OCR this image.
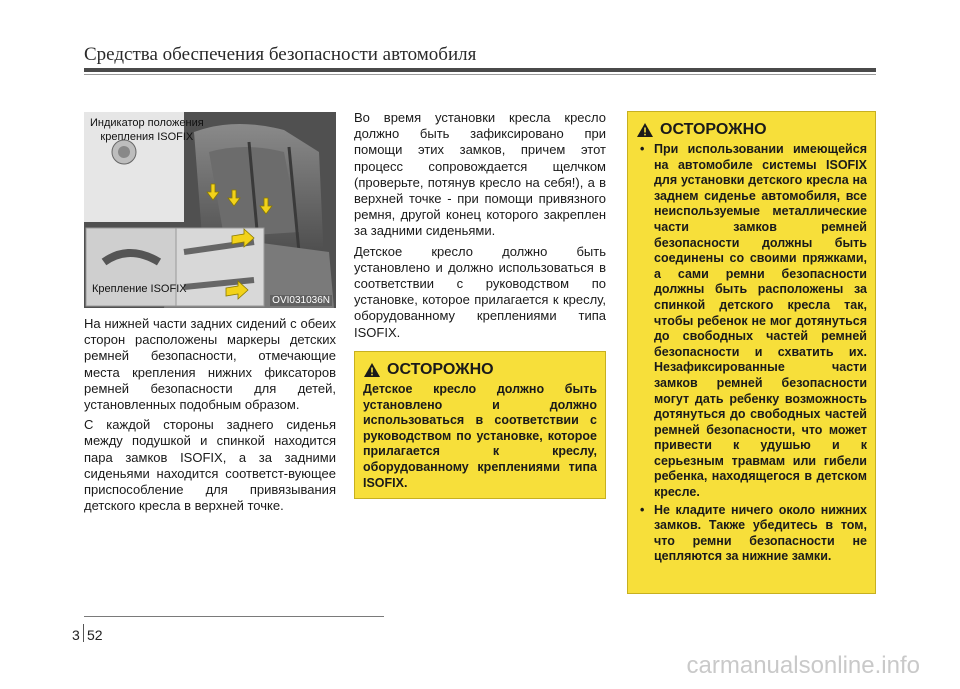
Средства обеспечения безопасности автомобиля
Индикатор положения
крепления ISOFIX
Крепление ISOFIX
OVI031036N

На нижней части задних сидений с обеих сторон расположены маркеры детских ремней безопасности, отмечающие места крепления нижних фиксаторов ремней безопасности для детей, установленных подобным образом.

С каждой стороны заднего сиденья между подушкой и спинкой находится пара замков ISOFIX, а за задними сиденьями находится соответст-вующее приспособление для привязывания детского кресла в верхней точке.

Во время установки кресла кресло должно быть зафиксировано при помощи этих замков, причем этот процесс сопровождается щелчком (проверьте, потянув кресло на себя!), а в верхней точке - при помощи привязного ремня, другой конец которого закреплен за задними сиденьями.

Детское кресло должно быть установлено и должно использоваться в соответствии с руководством по установке, которое прилагается к креслу, оборудованному креплениями типа ISOFIX.

ОСТОРОЖНО
Детское кресло должно быть установлено и должно использоваться в соответствии с руководством по установке, которое прилагается к креслу, оборудованному креплениями типа ISOFIX.
ОСТОРОЖНО
• При использовании имеющейся на автомобиле системы ISOFIX для установки детского кресла на заднем сиденье автомобиля, все неиспользуемые металлические части замков ремней безопасности должны быть соединены со своими пряжками, а сами ремни безопасности должны быть расположены за спинкой детского кресла так, чтобы ребенок не мог дотянуться до свободных частей ремней безопасности и схватить их. Незафиксированные части замков ремней безопасности могут дать ребенку возможность дотянуться до свободных частей ремней безопасности, что может привести к удушью и к серьезным травмам или гибели ребенка, находящегося в детском кресле.
• Не кладите ничего около нижних замков. Также убедитесь в том, что ремни безопасности не цепляются за нижние замки.
3 52
carmanualsonline.info
